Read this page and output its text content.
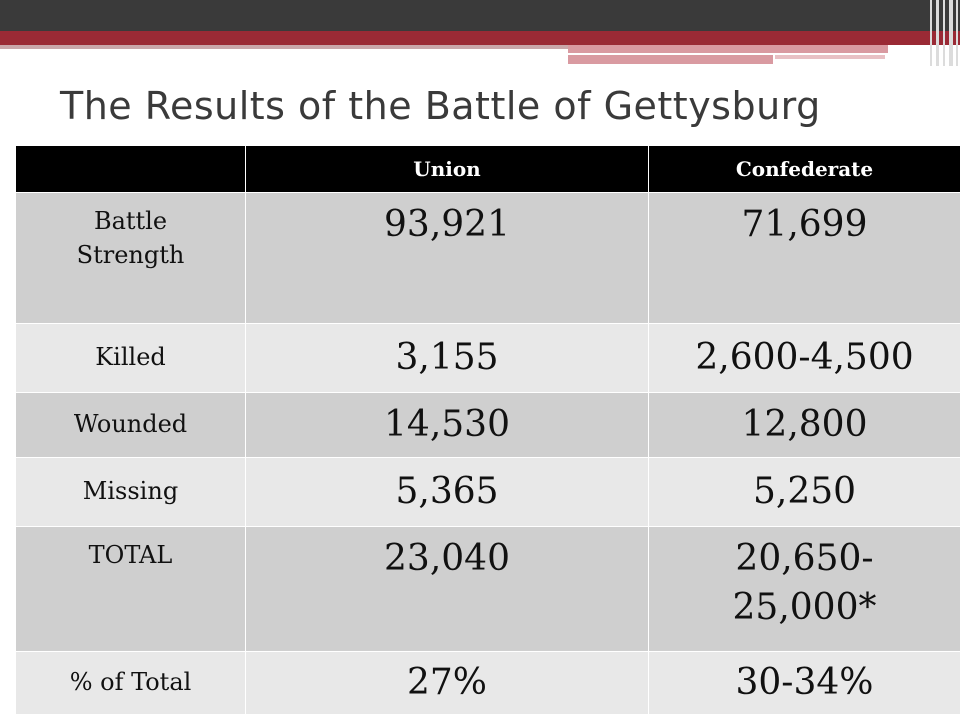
The Results of the Battle of Gettysburg
	Union	Confederate
Battle Strength	93,921	71,699
Killed	3,155	2,600-4,500
Wounded	14,530	12,800
Missing	5,365	5,250
TOTAL	23,040	20,650-25,000*
% of Total	27%	30-34%
